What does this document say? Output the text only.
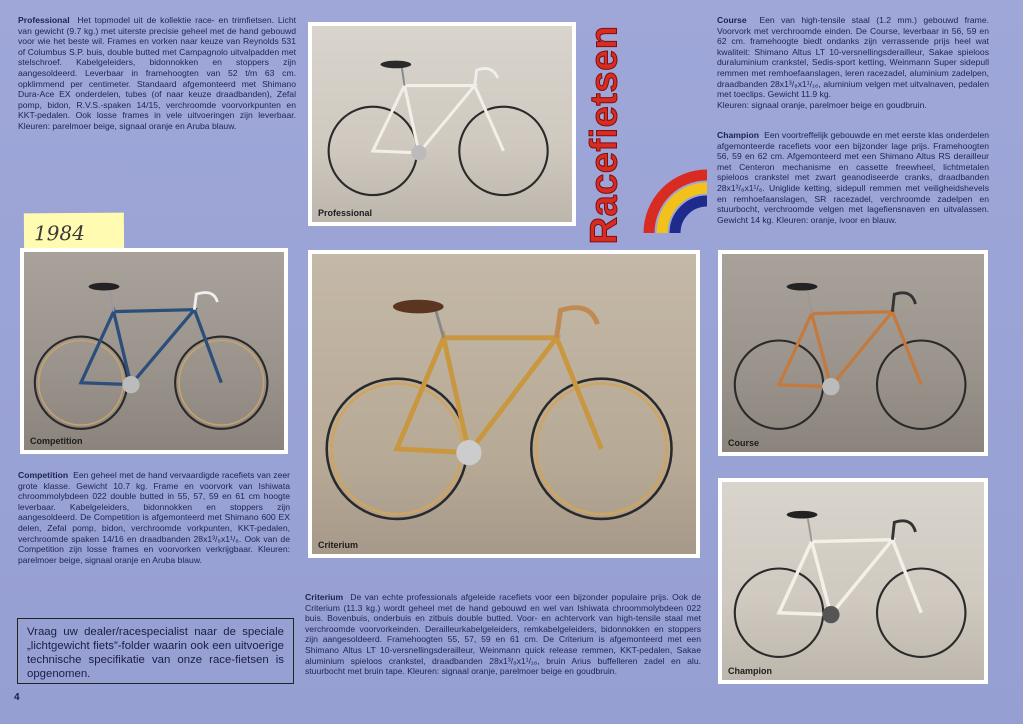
Professional Het topmodel uit de kollektie race- en trimfietsen. Licht van gewicht (9.7 kg.) met uiterste precisie geheel met de hand gebouwd voor wie het beste wil. Frames en vorken naar keuze van Reynolds 531 of Columbus S.P. buis, double butted met Campagnolo uitvalpadden met stelschroef. Kabelgeleiders, bidonnokken en stoppers zijn aangesoldeerd. Leverbaar in framehoogten van 52 t/m 63 cm. opklimmend per centimeter. Standaard afgemonteerd met Shimano Dura-Ace EX onderdelen, tubes (of naar keuze draadbanden), Zefal pomp, bidon, R.V.S.-spaken 14/15, verchroomde voorvorkpunten en KKT-pedalen. Ook losse frames in vele uitvoeringen zijn leverbaar. Kleuren: parelmoer beige, signaal oranje en Aruba blauw.
Professional	Racefietsen
Course Een van high-tensile staal (1.2 mm.) gebouwd frame. Voorvork met verchroomde einden. De Course, leverbaar in 56, 59 en 62 cm. framehoogte biedt ondanks zijn verrassende prijs heel wat kwaliteit: Shimano Altus LT 10-versnellingsderailleur, Sakae spieloos duraluminium crankstel, Sedis-sport ketting, Weinmann Super sidepull remmen met remhoefaanslagen, leren racezadel, aluminium zadelpen, draadbanden 28x1³/₈x1¹/₁₆, aluminium velgen met uitvalnaven, pedalen met toeclips. Gewicht 11.9 kg.
Kleuren: signaal oranje, parelmoer beige en goudbruin.
Champion Een voortreffelijk gebouwde en met eerste klas onderdelen afgemonteerde racefiets voor een bijzonder lage prijs. Framehoogten 56, 59 en 62 cm. Afgemonteerd met een Shimano Altus RS derailleur met Centeron mechanisme en cassette freewheel, lichtmetalen spieloos crankstel met zwart geanodiseerde cranks, draadbanden 28x1³/₈x1¹/₈. Uniglide ketting, sidepull remmen met veiligheidshevels en remhoefaanslagen, SR racezadel, verchroomde zadelpen en stuurbocht, verchroomde velgen met lagefiensnaven en uitvalassen. Gewicht 14 kg. Kleuren: oranje, ivoor en blauw.
1984
Competition
Criterium
Course
Competition Een geheel met de hand vervaardigde racefiets van zeer grote klasse. Gewicht 10.7 kg. Frame en voorvork van Ishiwata chroommolybdeen 022 double butted in 55, 57, 59 en 61 cm hoogte leverbaar. Kabelgeleiders, bidonnokken en stoppers zijn aangesoldeerd. De Competition is afgemonteerd met Shimano 600 EX delen, Zefal pomp, bidon, verchroomde vorkpunten, KKT-pedalen, verchroomde spaken 14/16 en draadbanden 28x1³/₈x1¹/₈. Ook van de Competition zijn losse frames en voorvorken verkrijgbaar. Kleuren: parelmoer beige, signaal oranje en Aruba blauw.
Champion
Criterium De van echte professionals afgeleide racefiets voor een bijzonder populaire prijs. Ook de Criterium (11.3 kg.) wordt geheel met de hand gebouwd en wel van Ishiwata chroommolybdeen 022 buis. Bovenbuis, onderbuis en zitbuis double butted. Voor- en achtervork van high-tensile staal met verchroomde voorvorkeinden. Derailleurkabelgeleiders, remkabelgeleiders, bidonnokken en stoppers zijn aangesoldeerd. Framehoogten 55, 57, 59 en 61 cm. De Criterium is afgemonteerd met een Shimano Altus LT 10-versnellingsderailleur, Weinmann quick release remmen, KKT-pedalen, Sakae aluminium spieloos crankstel, draadbanden 28x1³/₈x1¹/₁₆, bruin Arius buffelleren zadel en alu. stuurbocht met bruin tape. Kleuren: signaal oranje, parelmoer beige en goudbruin.
Vraag uw dealer/racespecialist naar de speciale „lichtgewicht fiets”-folder waarin ook een uitvoerige technische specifikatie van onze race-fietsen is opgenomen.
4
